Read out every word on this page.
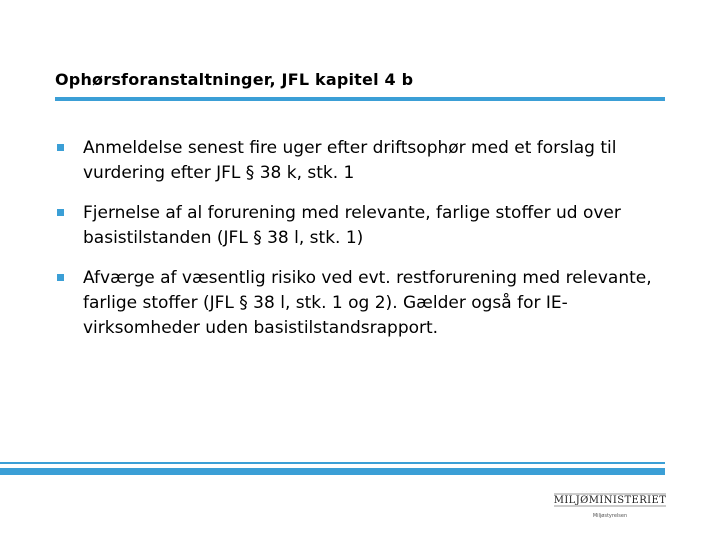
Ophørsforanstaltninger, JFL kapitel 4 b
Anmeldelse senest fire uger efter driftsophør med et forslag til vurdering efter JFL § 38 k, stk. 1
Fjernelse af al forurening med relevante, farlige stoffer ud over basistilstanden (JFL § 38 l, stk. 1)
Afværge af væsentlig risiko ved evt. restforurening med relevante, farlige stoffer (JFL § 38 l, stk. 1 og 2). Gælder også for IE-virksomheder uden basistilstandsrapport.
· · · · · · · · ·
MILJØMINISTERIET
Miljøstyrelsen
